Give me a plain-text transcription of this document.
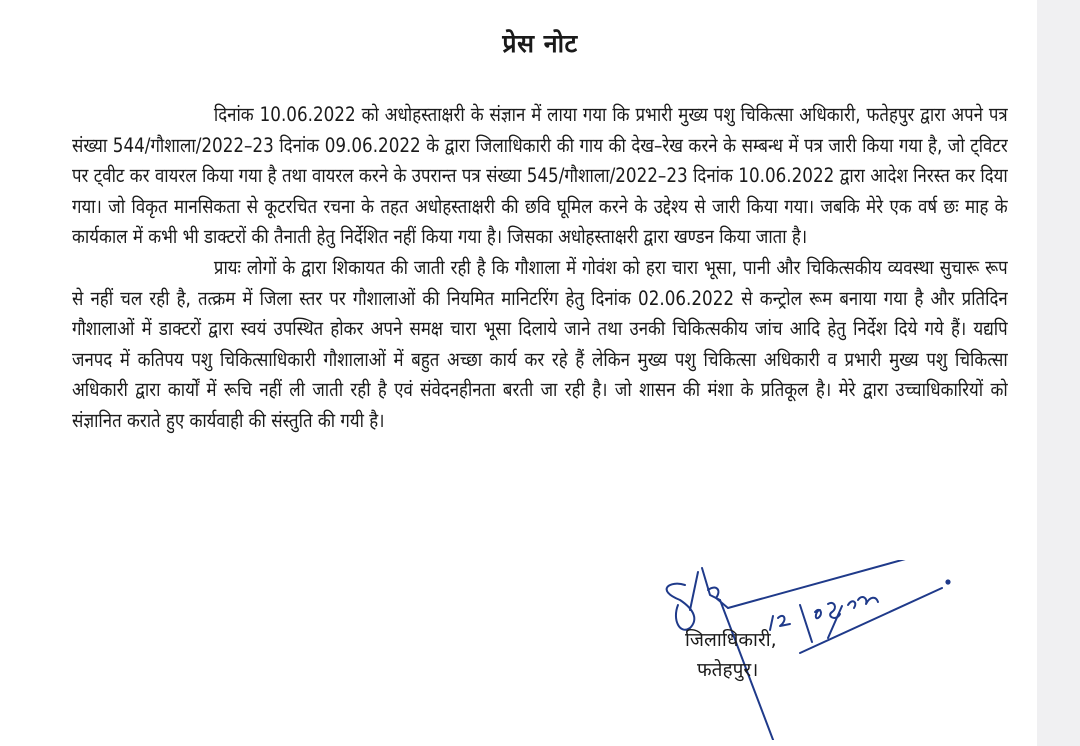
प्रेस नोट

दिनांक 10.06.2022 को अधोहस्ताक्षरी के संज्ञान में लाया गया कि प्रभारी मुख्य पशु चिकित्सा अधिकारी, फतेहपुर द्वारा अपने पत्र संख्या 544/गौशाला/2022–23 दिनांक 09.06.2022 के द्वारा जिलाधिकारी की गाय की देख–रेख करने के सम्बन्ध में पत्र जारी किया गया है, जो ट्विटर पर ट्वीट कर वायरल किया गया है तथा वायरल करने के उपरान्त पत्र संख्या 545/गौशाला/2022–23 दिनांक 10.06.2022 द्वारा आदेश निरस्त कर दिया गया। जो विकृत मानसिकता से कूटरचित रचना के तहत अधोहस्ताक्षरी की छवि घूमिल करने के उद्देश्य से जारी किया गया। जबकि मेरे एक वर्ष छः माह के कार्यकाल में कभी भी डाक्टरों की तैनाती हेतु निर्देशित नहीं किया गया है। जिसका अधोहस्ताक्षरी द्वारा खण्डन किया जाता है।

प्रायः लोगों के द्वारा शिकायत की जाती रही है कि गौशाला में गोवंश को हरा चारा भूसा, पानी और चिकित्सकीय व्यवस्था सुचारू रूप से नहीं चल रही है, तत्क्रम में जिला स्तर पर गौशालाओं की नियमित मानिटरिंग हेतु दिनांक 02.06.2022 से कन्ट्रोल रूम बनाया गया है और प्रतिदिन गौशालाओं में डाक्टरों द्वारा स्वयं उपस्थित होकर अपने समक्ष चारा भूसा दिलाये जाने तथा उनकी चिकित्सकीय जांच आदि हेतु निर्देश दिये गये हैं। यद्यपि जनपद में कतिपय पशु चिकित्साधिकारी गौशालाओं में बहुत अच्छा कार्य कर रहे हैं लेकिन मुख्य पशु चिकित्सा अधिकारी व प्रभारी मुख्य पशु चिकित्सा अधिकारी द्वारा कार्यों में रूचि नहीं ली जाती रही है एवं संवेदनहीनता बरती जा रही है। जो शासन की मंशा के प्रतिकूल है। मेरे द्वारा उच्चाधिकारियों को संज्ञानित कराते हुए कार्यवाही की संस्तुति की गयी है।

जिलाधिकारी,
फतेहपुर।
